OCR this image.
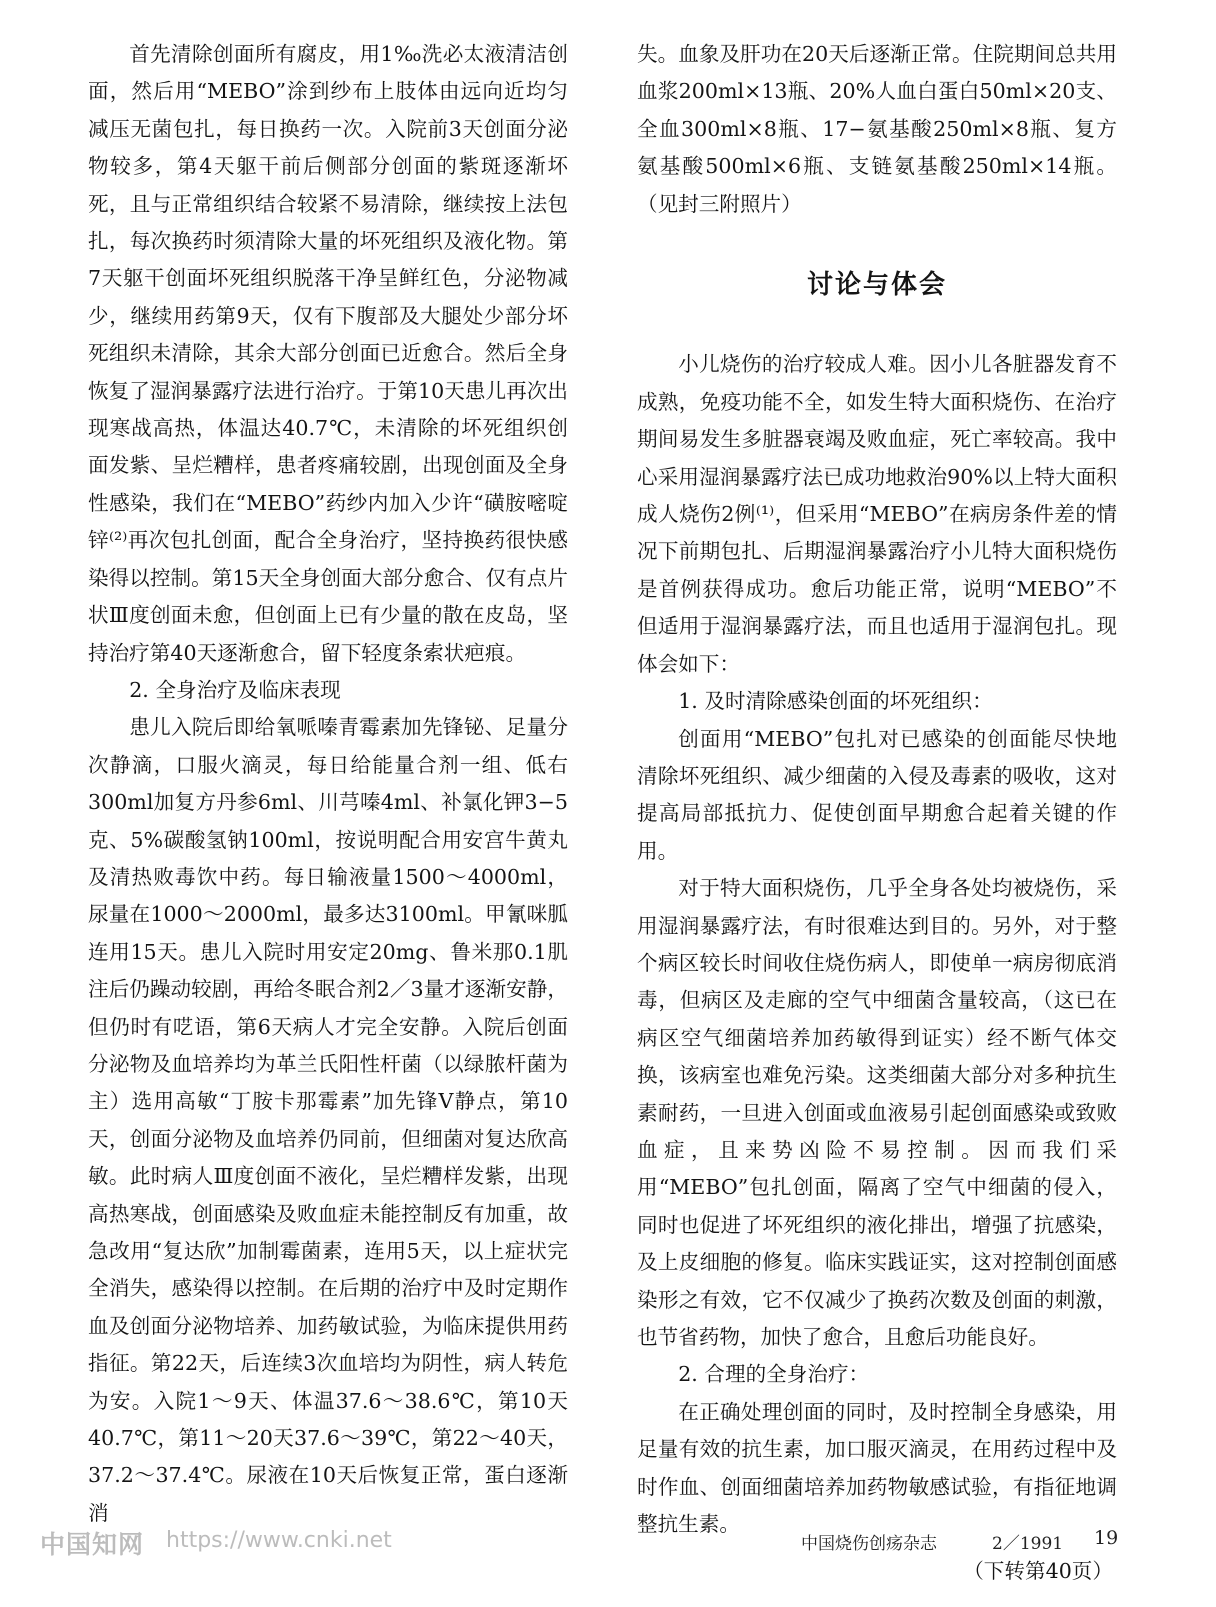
首先清除创面所有腐皮，用1‰洗必太液清洁创面，然后用“MEBO”涂到纱布上肢体由远向近均匀减压无菌包扎，每日换药一次。入院前3天创面分泌物较多，第4天躯干前后侧部分创面的紫斑逐渐坏死，且与正常组织结合较紧不易清除，继续按上法包扎，每次换药时须清除大量的坏死组织及液化物。第7天躯干创面坏死组织脱落干净呈鲜红色，分泌物减少，继续用药第9天，仅有下腹部及大腿处少部分坏死组织未清除，其余大部分创面已近愈合。然后全身恢复了湿润暴露疗法进行治疗。于第10天患儿再次出现寒战高热，体温达40.7℃，未清除的坏死组织创面发紫、呈烂糟样，患者疼痛较剧，出现创面及全身性感染，我们在“MEBO”药纱内加入少许“磺胺嘧啶锌⁽²⁾再次包扎创面，配合全身治疗，坚持换药很快感染得以控制。第15天全身创面大部分愈合、仅有点片状Ⅲ度创面未愈，但创面上已有少量的散在皮岛，坚持治疗第40天逐渐愈合，留下轻度条索状疤痕。

2. 全身治疗及临床表现

患儿入院后即给氧哌嗪青霉素加先锋铋、足量分次静滴，口服火滴灵，每日给能量合剂一组、低右300ml加复方丹参6ml、川芎嗪4ml、补氯化钾3−5克、5%碳酸氢钠100ml，按说明配合用安宫牛黄丸及清热败毒饮中药。每日输液量1500～4000ml，尿量在1000～2000ml，最多达3100ml。甲氰咪胍连用15天。患儿入院时用安定20mg、鲁米那0.1肌注后仍躁动较剧，再给冬眠合剂2／3量才逐渐安静，但仍时有呓语，第6天病人才完全安静。入院后创面分泌物及血培养均为革兰氏阳性杆菌（以绿脓杆菌为主）选用高敏“丁胺卡那霉素”加先锋V静点，第10天，创面分泌物及血培养仍同前，但细菌对复达欣高敏。此时病人Ⅲ度创面不液化，呈烂糟样发紫，出现高热寒战，创面感染及败血症未能控制反有加重，故急改用“复达欣”加制霉菌素，连用5天，以上症状完全消失，感染得以控制。在后期的治疗中及时定期作血及创面分泌物培养、加药敏试验，为临床提供用药指征。第22天，后连续3次血培均为阴性，病人转危为安。入院1～9天、体温37.6～38.6℃，第10天40.7℃，第11～20天37.6～39℃，第22～40天，37.2～37.4℃。尿液在10天后恢复正常，蛋白逐渐消

失。血象及肝功在20天后逐渐正常。住院期间总共用血浆200ml×13瓶、20%人血白蛋白50ml×20支、全血300ml×8瓶、17−氨基酸250ml×8瓶、复方氨基酸500ml×6瓶、支链氨基酸250ml×14瓶。（见封三附照片）

讨论与体会

小儿烧伤的治疗较成人难。因小儿各脏器发育不成熟，免疫功能不全，如发生特大面积烧伤、在治疗期间易发生多脏器衰竭及败血症，死亡率较高。我中心采用湿润暴露疗法已成功地救治90%以上特大面积成人烧伤2例⁽¹⁾，但采用“MEBO”在病房条件差的情况下前期包扎、后期湿润暴露治疗小儿特大面积烧伤是首例获得成功。愈后功能正常，说明“MEBO”不但适用于湿润暴露疗法，而且也适用于湿润包扎。现体会如下：

1. 及时清除感染创面的坏死组织：

创面用“MEBO”包扎对已感染的创面能尽快地清除坏死组织、减少细菌的入侵及毒素的吸收，这对提高局部抵抗力、促使创面早期愈合起着关键的作用。

对于特大面积烧伤，几乎全身各处均被烧伤，采用湿润暴露疗法，有时很难达到目的。另外，对于整个病区较长时间收住烧伤病人，即使单一病房彻底消毒，但病区及走廊的空气中细菌含量较高，（这已在病区空气细菌培养加药敏得到证实）经不断气体交换，该病室也难免污染。这类细菌大部分对多种抗生素耐药，一旦进入创面或血液易引起创面感染或致败血症，且来势凶险不易控制。因而我们采用“MEBO”包扎创面，隔离了空气中细菌的侵入，同时也促进了坏死组织的液化排出，增强了抗感染，及上皮细胞的修复。临床实践证实，这对控制创面感染形之有效，它不仅减少了换药次数及创面的刺激，也节省药物，加快了愈合，且愈后功能良好。

2. 合理的全身治疗：

在正确处理创面的同时，及时控制全身感染，用足量有效的抗生素，加口服灭滴灵，在用药过程中及时作血、创面细菌培养加药物敏感试验，有指征地调整抗生素。

（下转第40页）

中国知网 https://www.cnki.net	中国烧伤创疡杂志	2／1991 19
